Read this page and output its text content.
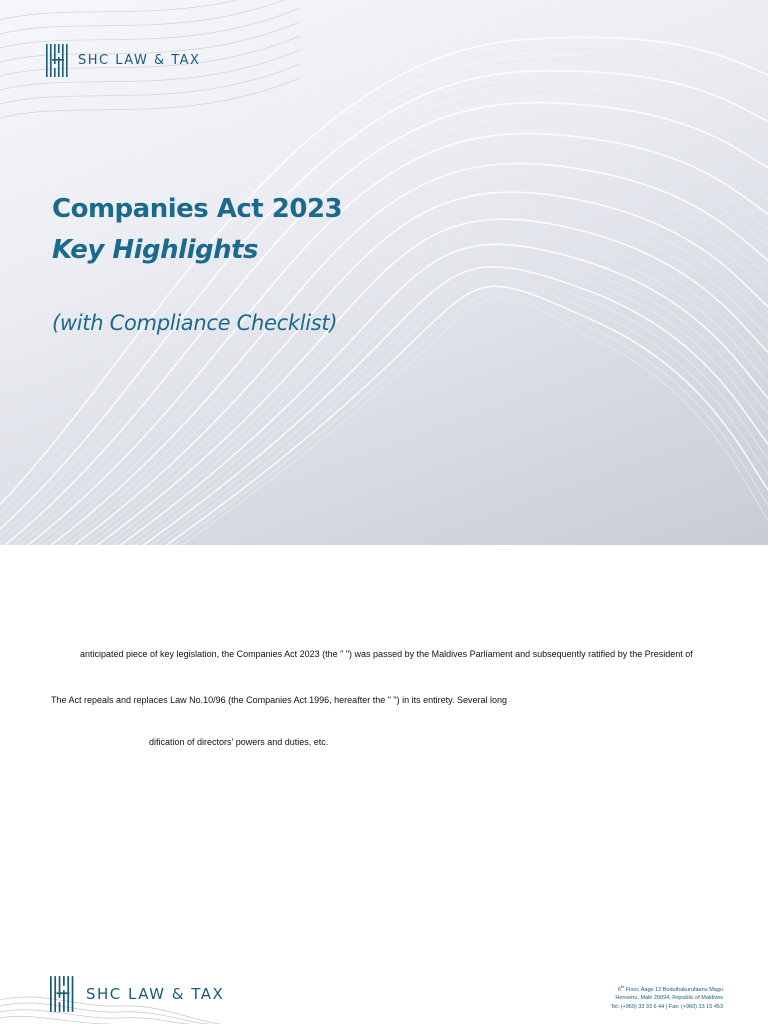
SHC LAW & TAX
Companies Act 2023
Key Highlights

(with Compliance Checklist)

anticipated piece of key legislation, the Companies Act 2023 (the " ") was passed by the Maldives Parliament and subsequently ratified by the President of

The Act repeals and replaces Law No.10/96 (the Companies Act 1996, hereafter the " ") in its entirety. Several long

dification of directors' powers and duties, etc.

SHC LAW & TAX	6th Floor, Aage 12 Boduthakurufaanu Magu
Henveiru, Malé 20094, Republic of Maldives
Tel: (+960) 33 33 6 44 | Fax: (+960) 33 15 453
